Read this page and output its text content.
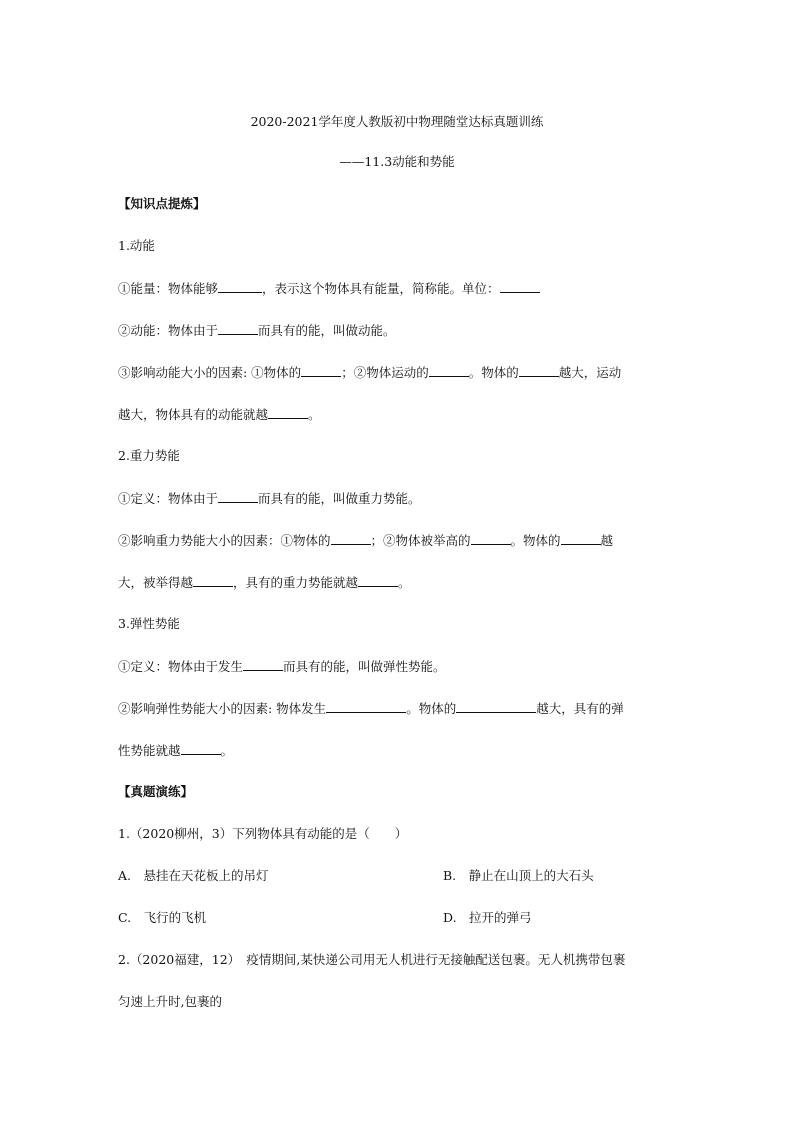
2020-2021学年度人教版初中物理随堂达标真题训练
——11.3动能和势能
【知识点提炼】
1.动能
①能量：物体能够	，表示这个物体具有能量，简称能。单位：
②动能：物体由于	而具有的能，叫做动能。
③影响动能大小的因素: ①物体的	；②物体运动的	。物体的	越大，运动
越大，物体具有的动能就越	。
2.重力势能
①定义：物体由于	而具有的能，叫做重力势能。
②影响重力势能大小的因素：①物体的	；②物体被举高的	。物体的	越
大，被举得越	，具有的重力势能就越	。
3.弹性势能
①定义：物体由于发生	而具有的能，叫做弹性势能。
②影响弹性势能大小的因素: 物体发生	。物体的	越大，具有的弹
性势能就越	。
【真题演练】
1.（2020柳州，3）下列物体具有动能的是（　　）
A.　悬挂在天花板上的吊灯	B.　静止在山顶上的大石头
C.　飞行的飞机	D.　拉开的弹弓
2.（2020福建，12）　疫情期间,某快递公司用无人机进行无接触配送包裹。无人机携带包裹
匀速上升时,包裹的
